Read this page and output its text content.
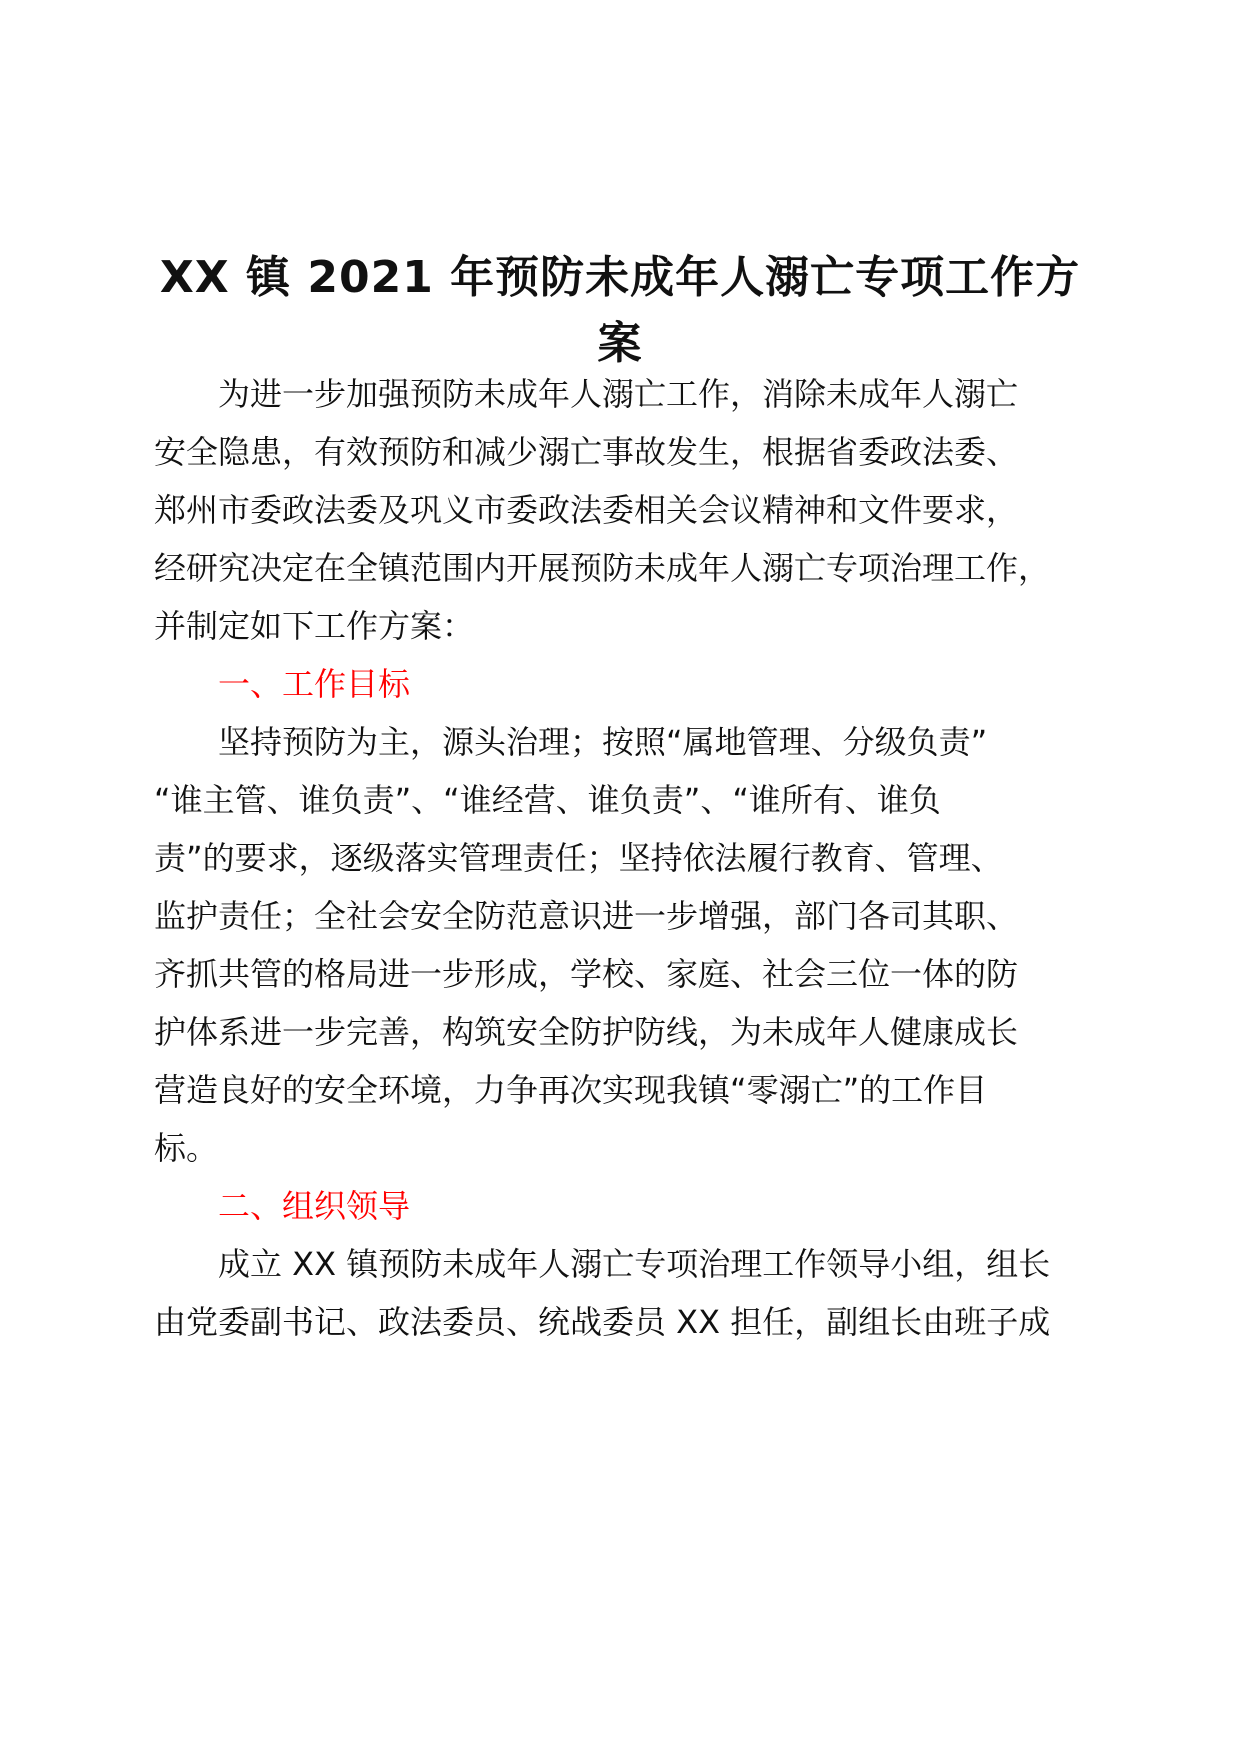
XX 镇 2021 年预防未成年人溺亡专项工作方
案

为进一步加强预防未成年人溺亡工作，消除未成年人溺亡

安全隐患，有效预防和减少溺亡事故发生，根据省委政法委、

郑州市委政法委及巩义市委政法委相关会议精神和文件要求，

经研究决定在全镇范围内开展预防未成年人溺亡专项治理工作，

并制定如下工作方案：

一、工作目标

坚持预防为主，源头治理；按照“属地管理、分级负责”

“谁主管、谁负责”、“谁经营、谁负责”、“谁所有、谁负

责”的要求，逐级落实管理责任；坚持依法履行教育、管理、

监护责任；全社会安全防范意识进一步增强，部门各司其职、

齐抓共管的格局进一步形成，学校、家庭、社会三位一体的防

护体系进一步完善，构筑安全防护防线，为未成年人健康成长

营造良好的安全环境，力争再次实现我镇“零溺亡”的工作目

标。

二、组织领导

成立 XX 镇预防未成年人溺亡专项治理工作领导小组，组长

由党委副书记、政法委员、统战委员 XX 担任，副组长由班子成
